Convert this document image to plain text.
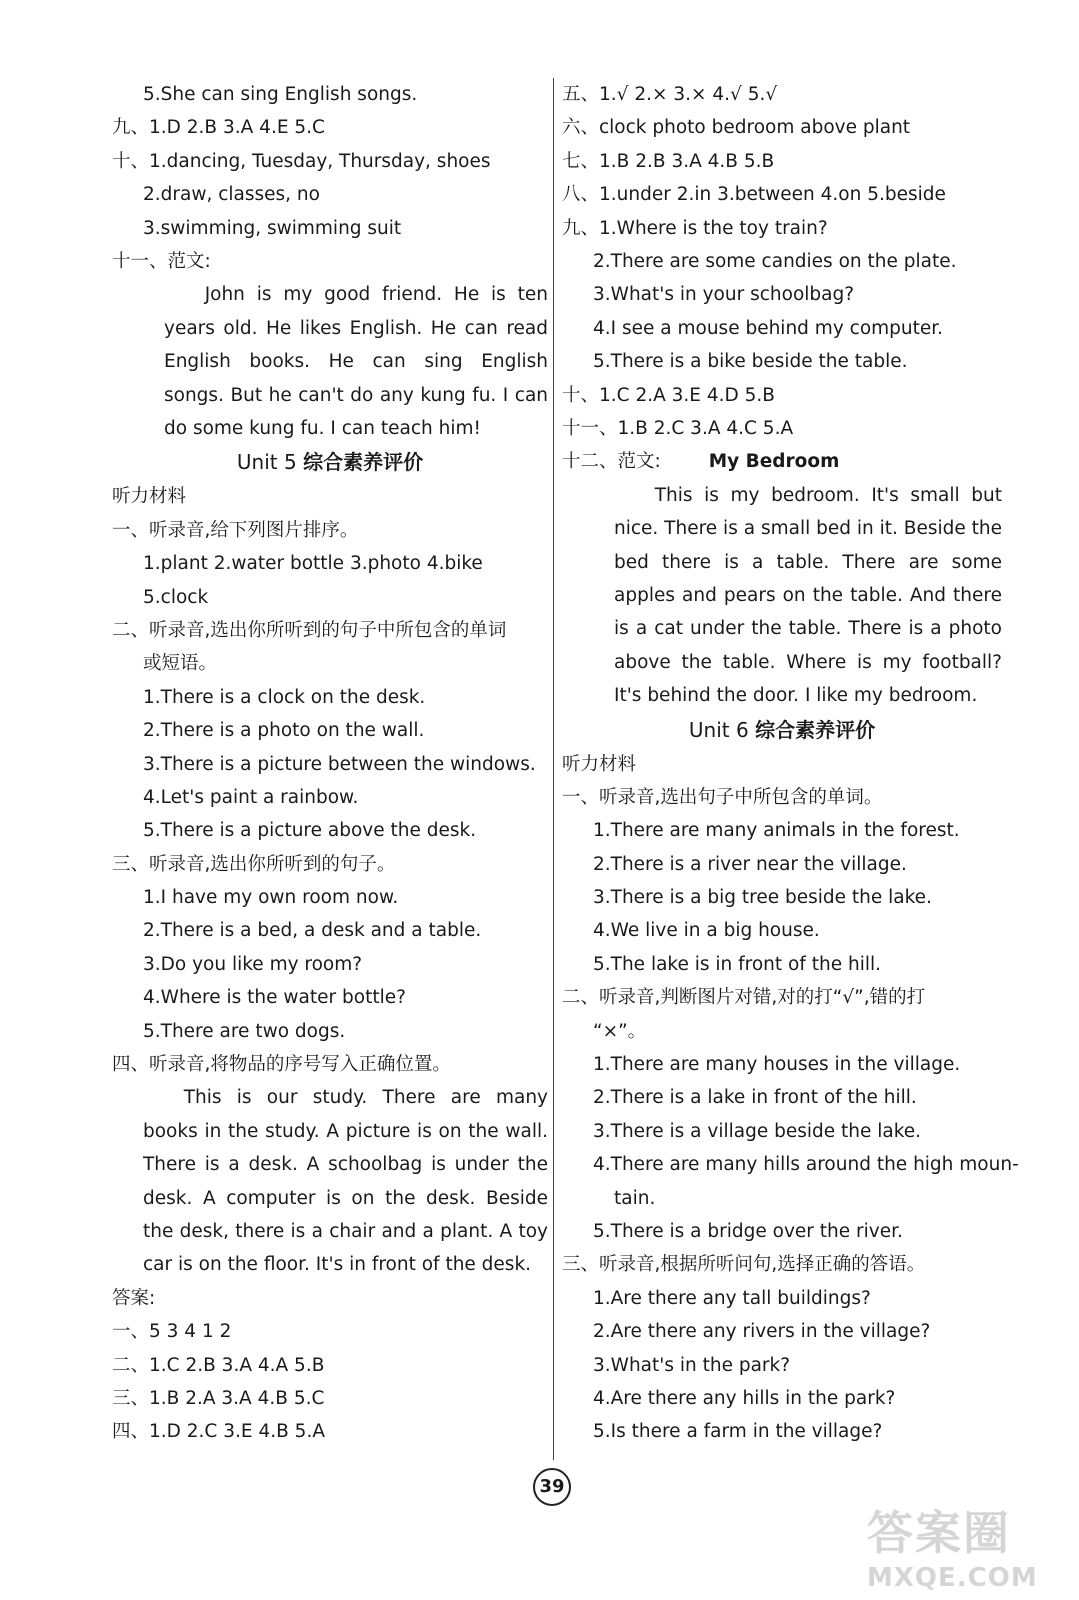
5.She can sing English songs.
九、1.D 2.B 3.A 4.E 5.C
十、1.dancing, Tuesday, Thursday, shoes
2.draw, classes, no
3.swimming, swimming suit
十一、范文:
John is my good friend. He is ten years old. He likes English. He can read English books. He can sing English songs. But he can't do any kung fu. I can do some kung fu. I can teach him!
Unit 5 综合素养评价
听力材料
一、听录音,给下列图片排序。
1.plant 2.water bottle 3.photo 4.bike
5.clock
二、听录音,选出你所听到的句子中所包含的单词
或短语。
1.There is a clock on the desk.
2.There is a photo on the wall.
3.There is a picture between the windows.
4.Let's paint a rainbow.
5.There is a picture above the desk.
三、听录音,选出你所听到的句子。
1.I have my own room now.
2.There is a bed, a desk and a table.
3.Do you like my room?
4.Where is the water bottle?
5.There are two dogs.
四、听录音,将物品的序号写入正确位置。
This is our study. There are many books in the study. A picture is on the wall. There is a desk. A schoolbag is under the desk. A computer is on the desk. Beside the desk, there is a chair and a plant. A toy car is on the floor. It's in front of the desk.
答案:
一、5 3 4 1 2
二、1.C 2.B 3.A 4.A 5.B
三、1.B 2.A 3.A 4.B 5.C
四、1.D 2.C 3.E 4.B 5.A
五、1.√ 2.× 3.× 4.√ 5.√
六、clock photo bedroom above plant
七、1.B 2.B 3.A 4.B 5.B
八、1.under 2.in 3.between 4.on 5.beside
九、1.Where is the toy train?
2.There are some candies on the plate.
3.What's in your schoolbag?
4.I see a mouse behind my computer.
5.There is a bike beside the table.
十、1.C 2.A 3.E 4.D 5.B
十一、1.B 2.C 3.A 4.C 5.A
十二、范文:	My Bedroom
This is my bedroom. It's small but nice. There is a small bed in it. Beside the bed there is a table. There are some apples and pears on the table. And there is a cat under the table. There is a photo above the table. Where is my football? It's behind the door. I like my bedroom.
Unit 6 综合素养评价
听力材料
一、听录音,选出句子中所包含的单词。
1.There are many animals in the forest.
2.There is a river near the village.
3.There is a big tree beside the lake.
4.We live in a big house.
5.The lake is in front of the hill.
二、听录音,判断图片对错,对的打“√”,错的打
“×”。
1.There are many houses in the village.
2.There is a lake in front of the hill.
3.There is a village beside the lake.
4.There are many hills around the high moun-
tain.
5.There is a bridge over the river.
三、听录音,根据所听问句,选择正确的答语。
1.Are there any tall buildings?
2.Are there any rivers in the village?
3.What's in the park?
4.Are there any hills in the park?
5.Is there a farm in the village?
39
答案圈
MXQE.COM
